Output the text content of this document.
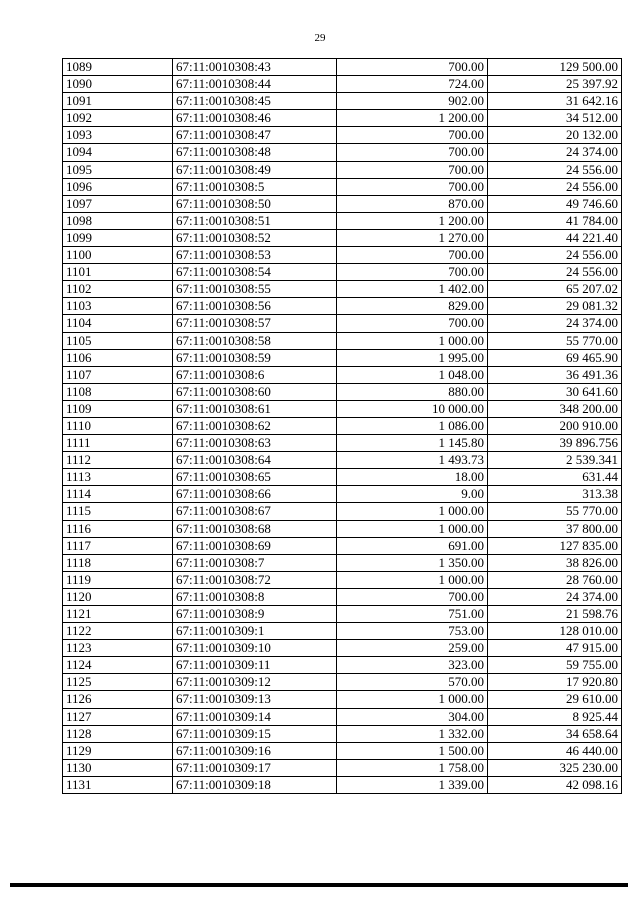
29
1089	67:11:0010308:43	700.00	129 500.00
1090	67:11:0010308:44	724.00	25 397.92
1091	67:11:0010308:45	902.00	31 642.16
1092	67:11:0010308:46	1 200.00	34 512.00
1093	67:11:0010308:47	700.00	20 132.00
1094	67:11:0010308:48	700.00	24 374.00
1095	67:11:0010308:49	700.00	24 556.00
1096	67:11:0010308:5	700.00	24 556.00
1097	67:11:0010308:50	870.00	49 746.60
1098	67:11:0010308:51	1 200.00	41 784.00
1099	67:11:0010308:52	1 270.00	44 221.40
1100	67:11:0010308:53	700.00	24 556.00
1101	67:11:0010308:54	700.00	24 556.00
1102	67:11:0010308:55	1 402.00	65 207.02
1103	67:11:0010308:56	829.00	29 081.32
1104	67:11:0010308:57	700.00	24 374.00
1105	67:11:0010308:58	1 000.00	55 770.00
1106	67:11:0010308:59	1 995.00	69 465.90
1107	67:11:0010308:6	1 048.00	36 491.36
1108	67:11:0010308:60	880.00	30 641.60
1109	67:11:0010308:61	10 000.00	348 200.00
1110	67:11:0010308:62	1 086.00	200 910.00
1111	67:11:0010308:63	1 145.80	39 896.756
1112	67:11:0010308:64	1 493.73	2 539.341
1113	67:11:0010308:65	18.00	631.44
1114	67:11:0010308:66	9.00	313.38
1115	67:11:0010308:67	1 000.00	55 770.00
1116	67:11:0010308:68	1 000.00	37 800.00
1117	67:11:0010308:69	691.00	127 835.00
1118	67:11:0010308:7	1 350.00	38 826.00
1119	67:11:0010308:72	1 000.00	28 760.00
1120	67:11:0010308:8	700.00	24 374.00
1121	67:11:0010308:9	751.00	21 598.76
1122	67:11:0010309:1	753.00	128 010.00
1123	67:11:0010309:10	259.00	47 915.00
1124	67:11:0010309:11	323.00	59 755.00
1125	67:11:0010309:12	570.00	17 920.80
1126	67:11:0010309:13	1 000.00	29 610.00
1127	67:11:0010309:14	304.00	8 925.44
1128	67:11:0010309:15	1 332.00	34 658.64
1129	67:11:0010309:16	1 500.00	46 440.00
1130	67:11:0010309:17	1 758.00	325 230.00
1131	67:11:0010309:18	1 339.00	42 098.16
